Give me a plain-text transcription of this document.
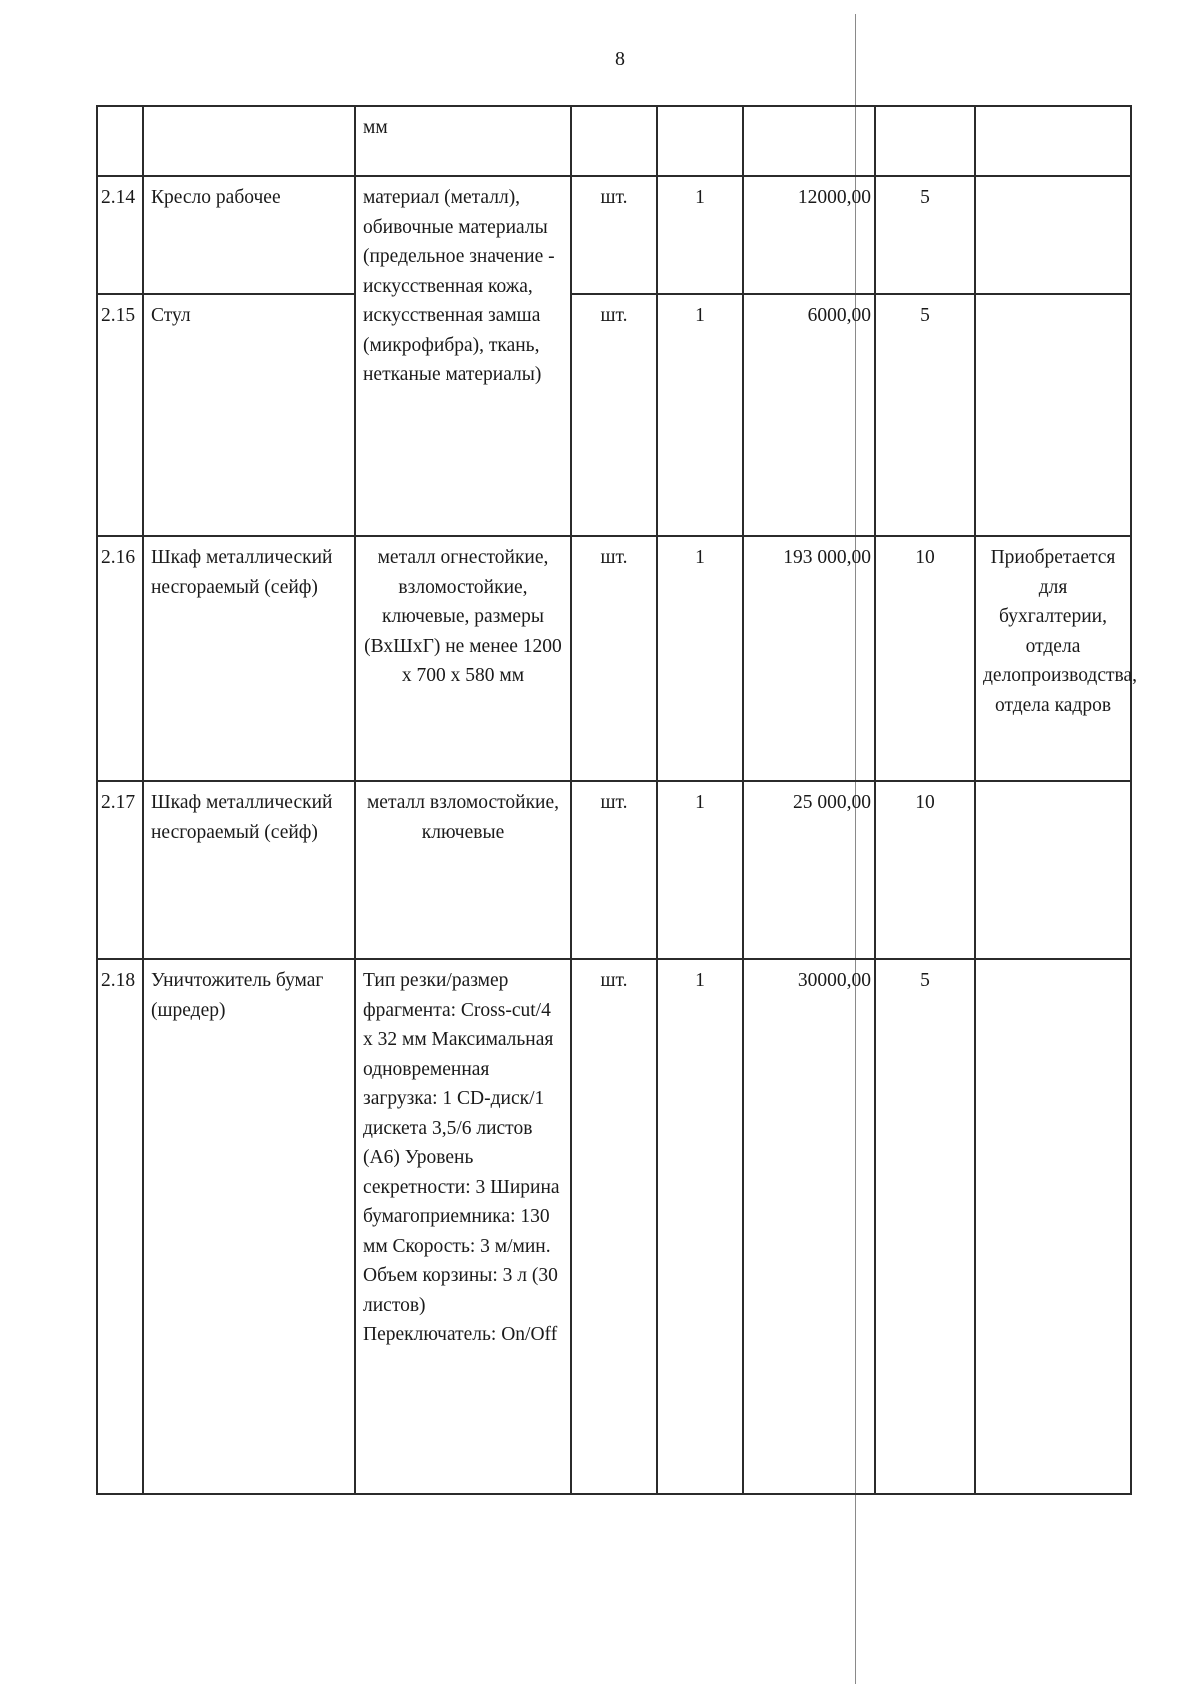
8
		мм					
2.14	Кресло рабочее	материал (металл), обивочные материалы (предельное значение - искусственная кожа, искусственная замша (микрофибра), ткань, нетканые материалы)	шт.	1	12000,00	5	
2.15	Стул		шт.	1	6000,00	5	
2.16	Шкаф металлический несгораемый (сейф)	металл огнестойкие, взломостойкие, ключевые, размеры (ВхШхГ) не менее 1200 х 700 х 580 мм	шт.	1	193 000,00	10	Приобретается для бухгалтерии, отдела делопроизводства, отдела кадров
2.17	Шкаф металлический несгораемый (сейф)	металл взломостойкие, ключевые	шт.	1	25 000,00	10	
2.18	Уничтожитель бумаг (шредер)	Тип резки/размер фрагмента: Cross-cut/4 х 32 мм Максимальная одновременная загрузка: 1 CD-диск/1 дискета 3,5/6 листов (А6) Уровень секретности: 3 Ширина бумагоприемника: 130 мм Скорость: 3 м/мин. Объем корзины: 3 л (30 листов) Переключатель: On/Off	шт.	1	30000,00	5	
